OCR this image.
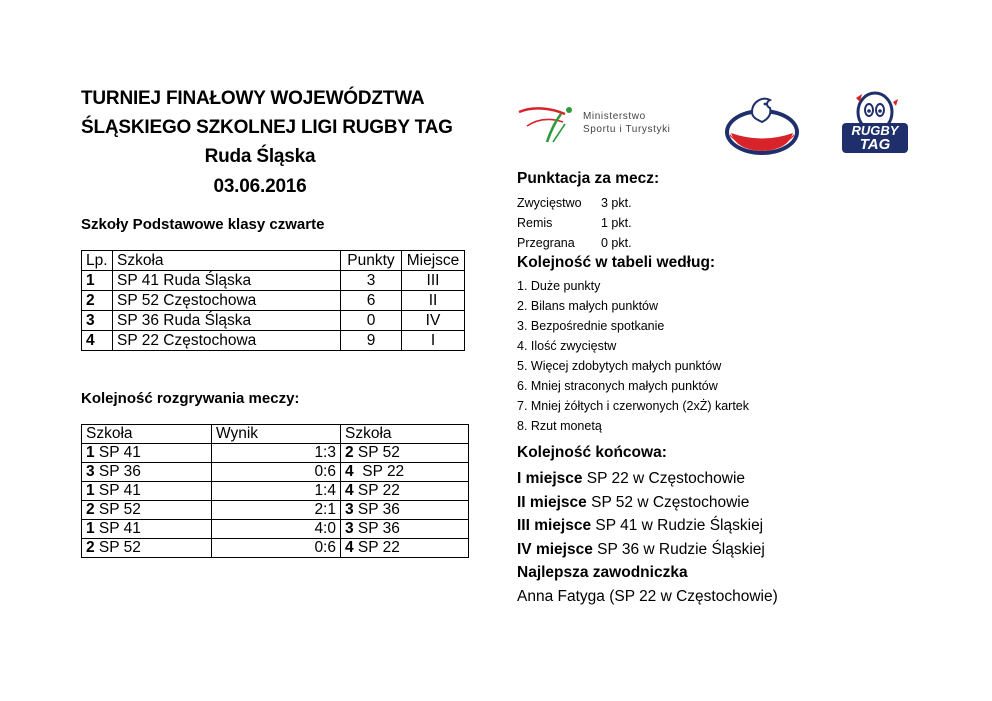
TURNIEJ FINAŁOWY WOJEWÓDZTWA
ŚLĄSKIEGO SZKOLNEJ LIGI RUGBY TAG
Ruda Śląska
03.06.2016
Szkoły Podstawowe klasy czwarte
Lp.	Szkoła	Punkty	Miejsce
1	SP 41 Ruda Śląska	3	III
2	SP 52 Częstochowa	6	II
3	SP 36 Ruda Śląska	0	IV
4	SP 22 Częstochowa	9	I
Kolejność rozgrywania meczy:
Szkoła	Wynik	Szkoła
1 SP 41	1:3	2 SP 52
3 SP 36	0:6	4  SP 22
1 SP 41	1:4	4 SP 22
2 SP 52	2:1	3 SP 36
1 SP 41	4:0	3 SP 36
2 SP 52	0:6	4 SP 22
Ministerstwo
Sportu i Turystyki	RUGBY
TAG
Punktacja za mecz:
Zwycięstwo 3 pkt.
Remis	1 pkt.
Przegrana 0 pkt.
Kolejność w tabeli według:
1. Duże punkty
2. Bilans małych punktów
3. Bezpośrednie spotkanie
4. Ilość zwycięstw
5. Więcej zdobytych małych punktów
6. Mniej straconych małych punktów
7. Mniej żółtych i czerwonych (2xŻ) kartek
8. Rzut monetą
Kolejność końcowa:
I miejsce SP 22 w Częstochowie
II miejsce SP 52 w Częstochowie
III miejsce SP 41 w Rudzie Śląskiej
IV miejsce SP 36 w Rudzie Śląskiej
Najlepsza zawodniczka
Anna Fatyga (SP 22 w Częstochowie)
